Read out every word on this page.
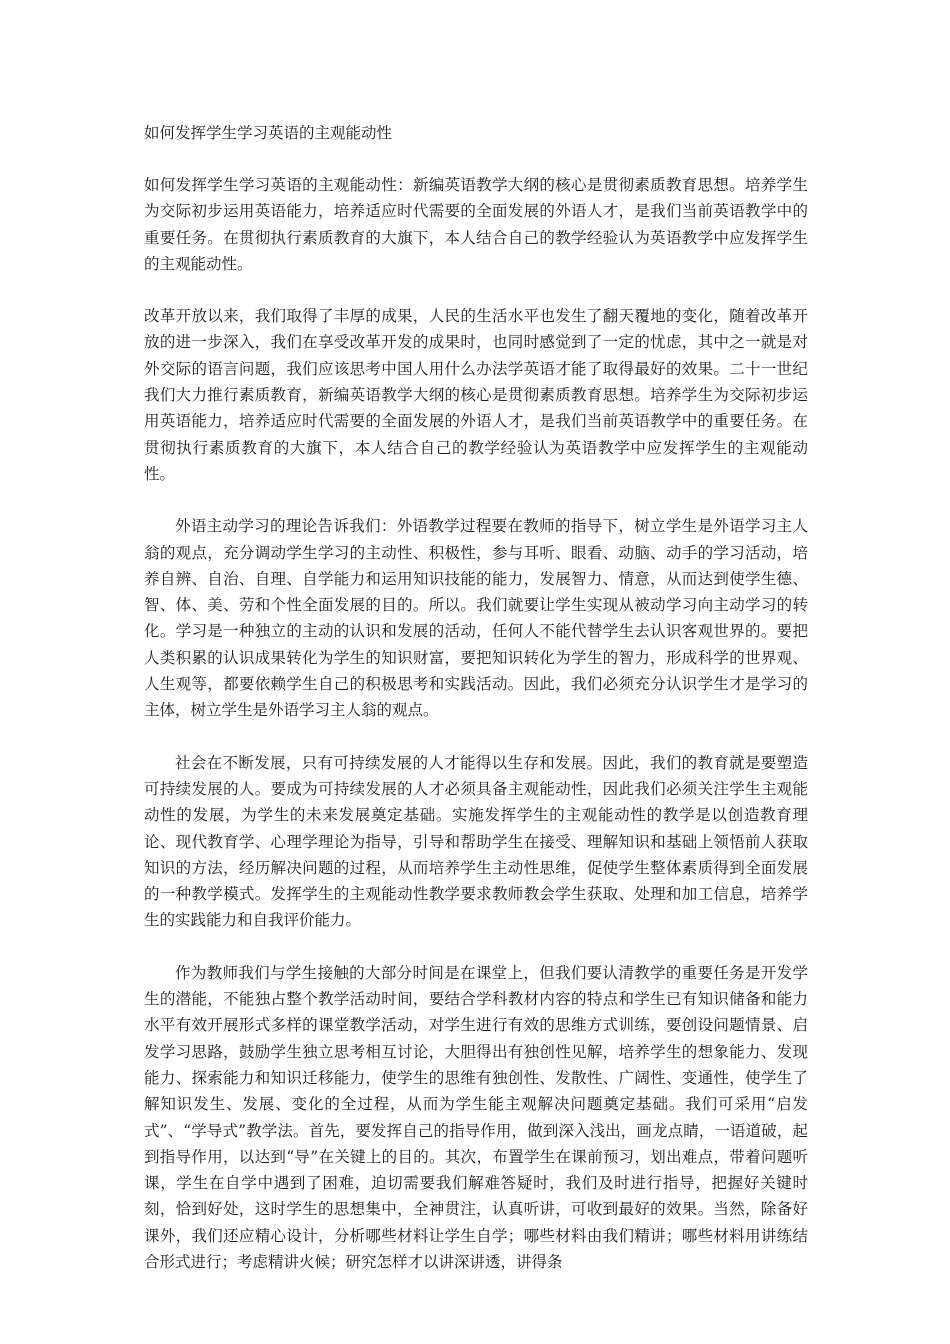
如何发挥学生学习英语的主观能动性

如何发挥学生学习英语的主观能动性：新编英语教学大纲的核心是贯彻素质教育思想。培养学生为交际初步运用英语能力，培养适应时代需要的全面发展的外语人才，是我们当前英语教学中的重要任务。在贯彻执行素质教育的大旗下，本人结合自己的教学经验认为英语教学中应发挥学生的主观能动性。

改革开放以来，我们取得了丰厚的成果，人民的生活水平也发生了翻天覆地的变化，随着改革开放的进一步深入，我们在享受改革开发的成果时，也同时感觉到了一定的忧虑，其中之一就是对外交际的语言问题，我们应该思考中国人用什么办法学英语才能了取得最好的效果。二十一世纪我们大力推行素质教育，新编英语教学大纲的核心是贯彻素质教育思想。培养学生为交际初步运用英语能力，培养适应时代需要的全面发展的外语人才，是我们当前英语教学中的重要任务。在贯彻执行素质教育的大旗下，本人结合自己的教学经验认为英语教学中应发挥学生的主观能动性。

外语主动学习的理论告诉我们：外语教学过程要在教师的指导下，树立学生是外语学习主人翁的观点，充分调动学生学习的主动性、积极性，参与耳听、眼看、动脑、动手的学习活动，培养自辨、自治、自理、自学能力和运用知识技能的能力，发展智力、情意，从而达到使学生德、智、体、美、劳和个性全面发展的目的。所以。我们就要让学生实现从被动学习向主动学习的转化。学习是一种独立的主动的认识和发展的活动，任何人不能代替学生去认识客观世界的。要把人类积累的认识成果转化为学生的知识财富，要把知识转化为学生的智力，形成科学的世界观、人生观等，都要依赖学生自己的积极思考和实践活动。因此，我们必须充分认识学生才是学习的主体，树立学生是外语学习主人翁的观点。

社会在不断发展，只有可持续发展的人才能得以生存和发展。因此，我们的教育就是要塑造可持续发展的人。要成为可持续发展的人才必须具备主观能动性，因此我们必须关注学生主观能动性的发展，为学生的未来发展奠定基础。实施发挥学生的主观能动性的教学是以创造教育理论、现代教育学、心理学理论为指导，引导和帮助学生在接受、理解知识和基础上领悟前人获取知识的方法，经历解决问题的过程，从而培养学生主动性思维，促使学生整体素质得到全面发展的一种教学模式。发挥学生的主观能动性教学要求教师教会学生获取、处理和加工信息，培养学生的实践能力和自我评价能力。

作为教师我们与学生接触的大部分时间是在课堂上，但我们要认清教学的重要任务是开发学生的潜能，不能独占整个教学活动时间，要结合学科教材内容的特点和学生已有知识储备和能力水平有效开展形式多样的课堂教学活动，对学生进行有效的思维方式训练，要创设问题情景、启发学习思路，鼓励学生独立思考相互讨论，大胆得出有独创性见解，培养学生的想象能力、发现能力、探索能力和知识迁移能力，使学生的思维有独创性、发散性、广阔性、变通性，使学生了解知识发生、发展、变化的全过程，从而为学生能主观解决问题奠定基础。我们可采用“启发式”、“学导式”教学法。首先，要发挥自己的指导作用，做到深入浅出，画龙点睛，一语道破，起到指导作用，以达到“导”在关键上的目的。其次，布置学生在课前预习，划出难点，带着问题听课，学生在自学中遇到了困难，迫切需要我们解难答疑时，我们及时进行指导，把握好关键时刻，恰到好处，这时学生的思想集中，全神贯注，认真听讲，可收到最好的效果。当然，除备好课外，我们还应精心设计，分析哪些材料让学生自学；哪些材料由我们精讲；哪些材料用讲练结合形式进行；考虑精讲火候；研究怎样才以讲深讲透，讲得条
